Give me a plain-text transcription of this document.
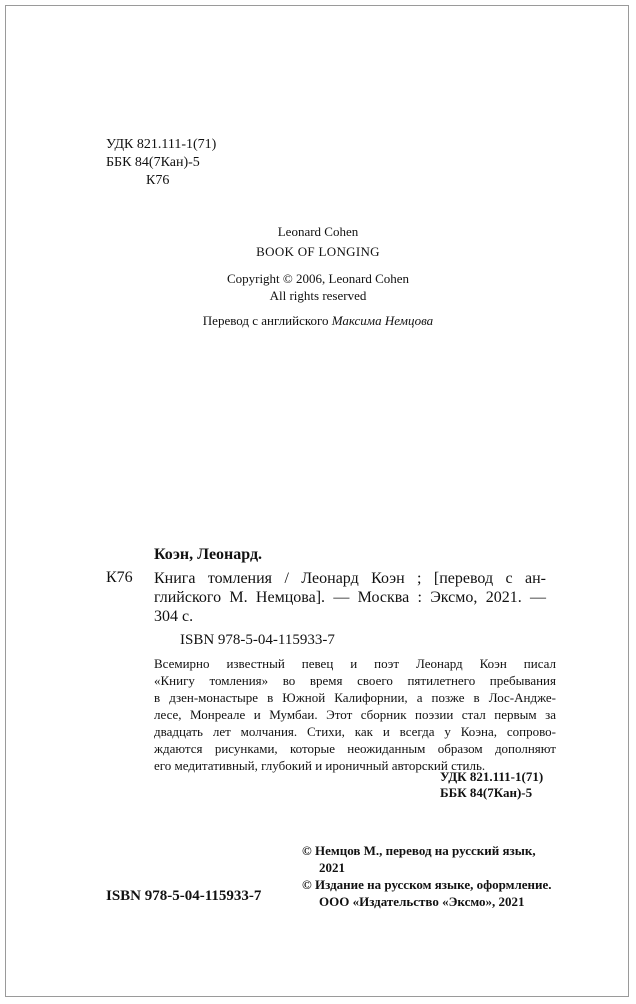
УДК 821.111-1(71)
ББК 84(7Кан)-5
К76
Leonard Cohen
BOOK OF LONGING
Copyright © 2006, Leonard Cohen
All rights reserved
Перевод с английского Максима Немцова
Коэн, Леонард.
К76 Книга томления / Леонард Коэн ; [перевод с ан-
глийского М. Немцова]. — Москва : Эксмо, 2021. —
304 с.
ISBN 978-5-04-115933-7
Всемирно известный певец и поэт Леонард Коэн писал
«Книгу томления» во время своего пятилетнего пребывания
в дзен-монастыре в Южной Калифорнии, а позже в Лос-Андже-
лесе, Монреале и Мумбаи. Этот сборник поэзии стал первым за
двадцать лет молчания. Стихи, как и всегда у Коэна, сопрово-
ждаются рисунками, которые неожиданным образом дополняют
его медитативный, глубокий и ироничный авторский стиль.
УДК 821.111-1(71)
ББК 84(7Кан)-5
© Немцов М., перевод на русский язык,
2021
© Издание на русском языке, оформление.
ООО «Издательство «Эксмо», 2021
ISBN 978-5-04-115933-7
